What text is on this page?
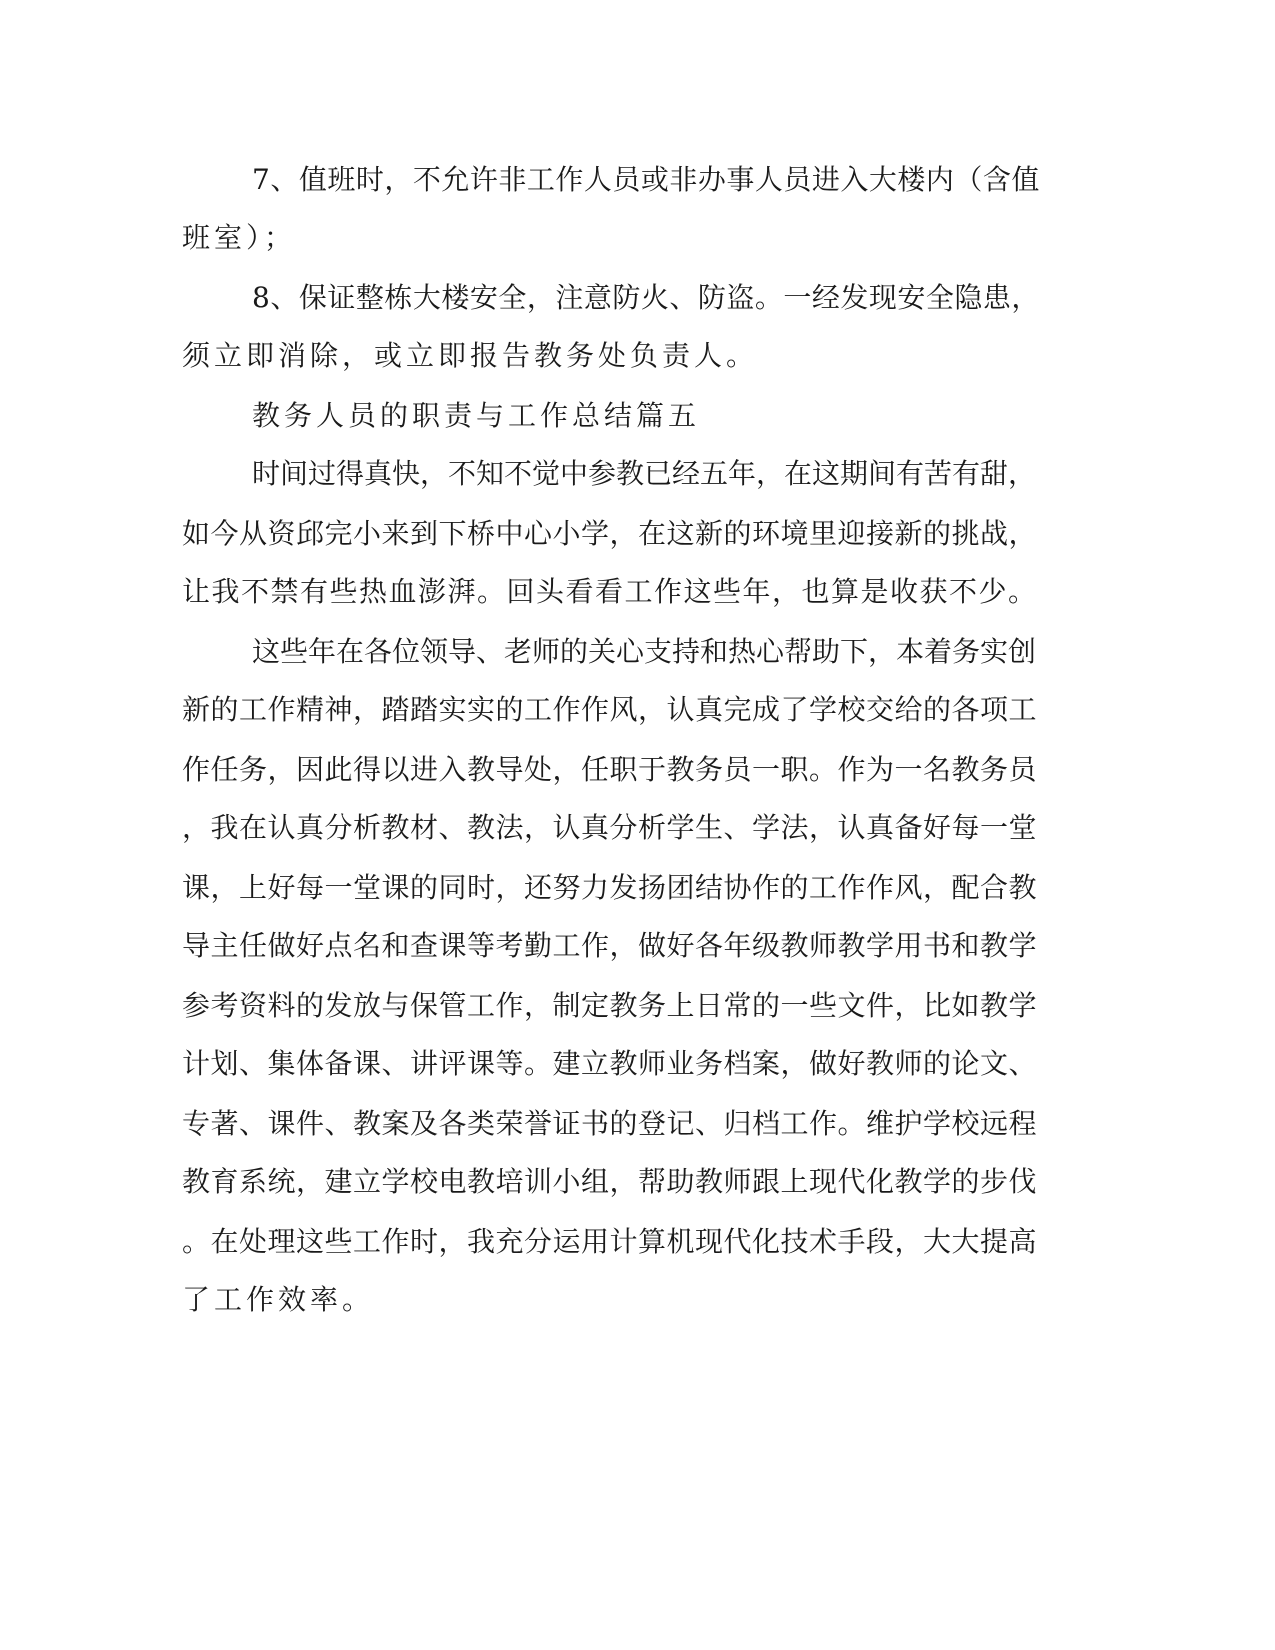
7、值班时，不允许非工作人员或非办事人员进入大楼内（含值
班室）；
8、保证整栋大楼安全，注意防火、防盗。一经发现安全隐患，
须立即消除，或立即报告教务处负责人。
教务人员的职责与工作总结篇五
时间过得真快，不知不觉中参教已经五年，在这期间有苦有甜，
如今从资邱完小来到下桥中心小学，在这新的环境里迎接新的挑战，
让我不禁有些热血澎湃。回头看看工作这些年，也算是收获不少。
这些年在各位领导、老师的关心支持和热心帮助下，本着务实创
新的工作精神，踏踏实实的工作作风，认真完成了学校交给的各项工
作任务，因此得以进入教导处，任职于教务员一职。作为一名教务员
，我在认真分析教材、教法，认真分析学生、学法，认真备好每一堂
课，上好每一堂课的同时，还努力发扬团结协作的工作作风，配合教
导主任做好点名和查课等考勤工作，做好各年级教师教学用书和教学
参考资料的发放与保管工作，制定教务上日常的一些文件，比如教学
计划、集体备课、讲评课等。建立教师业务档案，做好教师的论文、
专著、课件、教案及各类荣誉证书的登记、归档工作。维护学校远程
教育系统，建立学校电教培训小组，帮助教师跟上现代化教学的步伐
。在处理这些工作时，我充分运用计算机现代化技术手段，大大提高
了工作效率。
